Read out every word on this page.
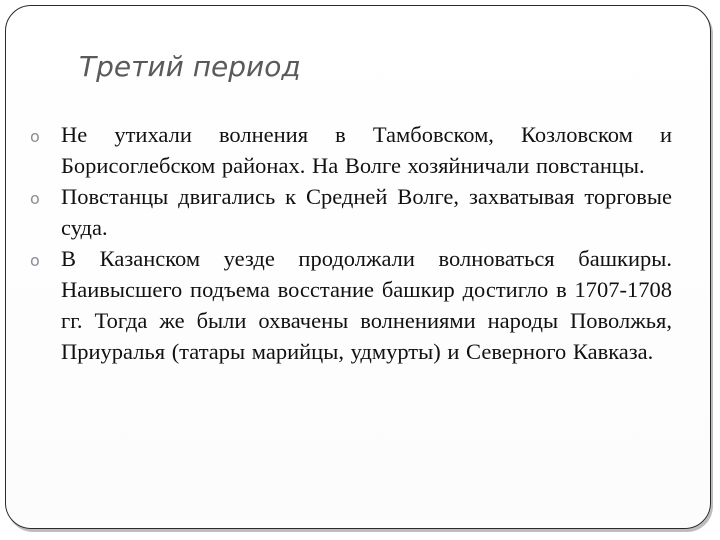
Третий период
o Не утихали волнения в Тамбовском, Козловском и Борисоглебском районах. На Волге хозяйничали повстанцы.
o Повстанцы двигались к Средней Волге, захватывая торговые суда.
o В Казанском уезде продолжали волноваться башкиры. Наивысшего подъема восстание башкир достигло в 1707-1708 гг. Тогда же были охвачены волнениями народы Поволжья, Приуралья (татары марийцы, удмурты) и Северного Кавказа.
